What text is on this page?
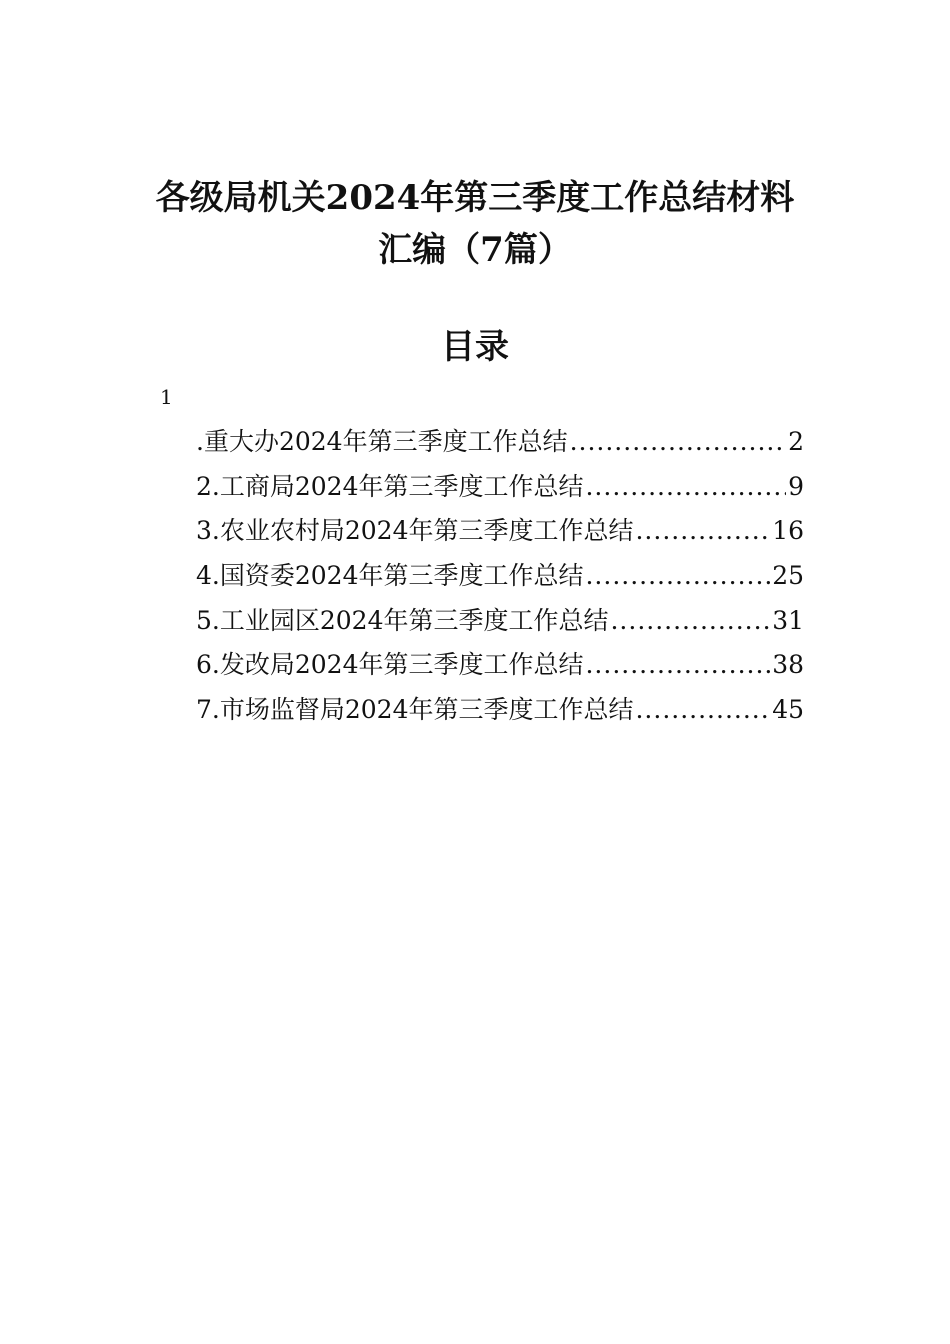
各级局机关2024年第三季度工作总结材料
汇编（7篇）
目录
1
.重大办2024年第三季度工作总结 .....	2
2.工商局2024年第三季度工作总结 .....	9
3.农业农村局2024年第三季度工作总结 .....	16
4.国资委2024年第三季度工作总结 .....	25
5.工业园区2024年第三季度工作总结 .....	31
6.发改局2024年第三季度工作总结 .....	38
7.市场监督局2024年第三季度工作总结 .....	45
